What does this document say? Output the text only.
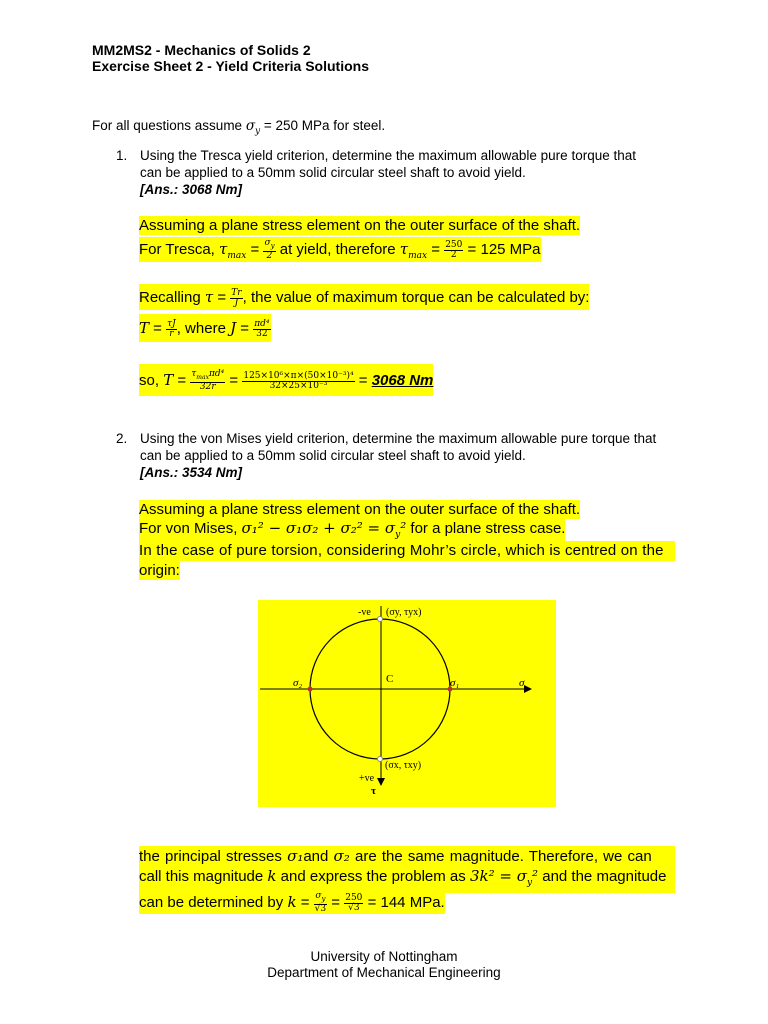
MM2MS2 - Mechanics of Solids 2
Exercise Sheet 2 - Yield Criteria Solutions
For all questions assume $\sigma_y = 250$ MPa for steel.
1. Using the Tresca yield criterion, determine the maximum allowable pure torque that
can be applied to a 50mm solid circular steel shaft to avoid yield.
[Ans.: 3068 Nm]
Assuming a plane stress element on the outer surface of the shaft.
For Tresca, $\tau_{max} = \frac{\sigma_y}{2}$ at yield, therefore $\tau_{max} = \frac{250}{2} = 125$ MPa
Recalling $\tau = \frac{Tr}{J}$ , the value of maximum torque can be calculated by:
$T = \frac{\tau J}{r}$ , where $J = \frac{\text{πd⁴}}{32}$
so, $T = \frac{\tau_{max}\pi d^4}{32r} = \frac{\text{125×10⁶×π×(50×10⁻³)⁴}}{\text{32×25×10⁻³}} = 3068$ Nm
2. Using the von Mises yield criterion, determine the maximum allowable pure torque that
can be applied to a 50mm solid circular steel shaft to avoid yield.
[Ans.: 3534 Nm]
Assuming a plane stress element on the outer surface of the shaft.
For von Mises, $\sigma_1^2 - \sigma_1\sigma_2 + \sigma_2^2 = \sigma_y^2$ for a plane stress case.
In the case of pure torsion, considering Mohr’s circle, which is centred on the
origin:
-ve (σy, τyx)
C
σ₂	σ₁	σ
(σx, τxy)
+ve
τ
the principal stresses σ₁and σ₂ are the same magnitude. Therefore, we can
call this magnitude k and express the problem as $3k^2 = \sigma_y^2$ and the magnitude
can be determined by $k = \frac{\sigma_y}{√3} = \frac{250}{√3} = 144$ MPa.
University of Nottingham
Department of Mechanical Engineering
